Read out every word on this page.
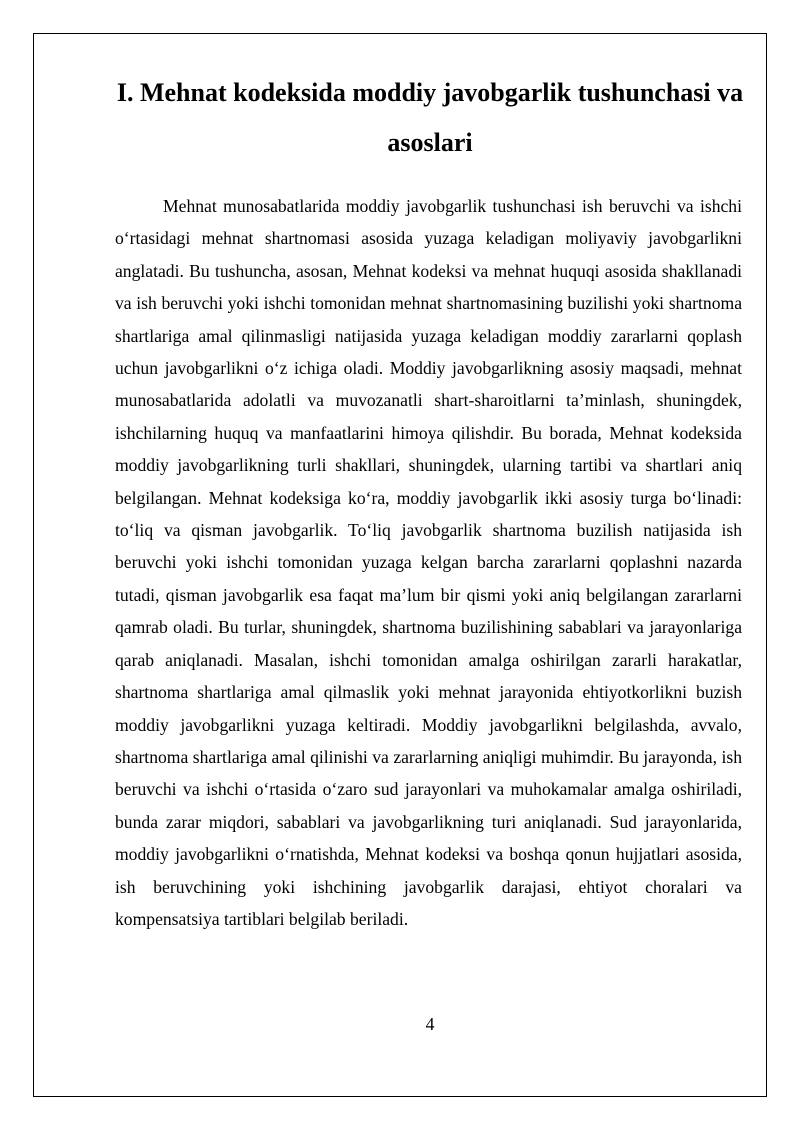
I. Mehnat kodeksida moddiy javobgarlik tushunchasi va asoslari

Mehnat munosabatlarida moddiy javobgarlik tushunchasi ish beruvchi va ishchi o‘rtasidagi mehnat shartnomasi asosida yuzaga keladigan moliyaviy javobgarlikni anglatadi. Bu tushuncha, asosan, Mehnat kodeksi va mehnat huquqi asosida shakllanadi va ish beruvchi yoki ishchi tomonidan mehnat shartnomasining buzilishi yoki shartnoma shartlariga amal qilinmasligi natijasida yuzaga keladigan moddiy zararlarni qoplash uchun javobgarlikni o‘z ichiga oladi. Moddiy javobgarlikning asosiy maqsadi, mehnat munosabatlarida adolatli va muvozanatli shart-sharoitlarni ta’minlash, shuningdek, ishchilarning huquq va manfaatlarini himoya qilishdir. Bu borada, Mehnat kodeksida moddiy javobgarlikning turli shakllari, shuningdek, ularning tartibi va shartlari aniq belgilangan. Mehnat kodeksiga ko‘ra, moddiy javobgarlik ikki asosiy turga bo‘linadi: to‘liq va qisman javobgarlik. To‘liq javobgarlik shartnoma buzilish natijasida ish beruvchi yoki ishchi tomonidan yuzaga kelgan barcha zararlarni qoplashni nazarda tutadi, qisman javobgarlik esa faqat ma’lum bir qismi yoki aniq belgilangan zararlarni qamrab oladi. Bu turlar, shuningdek, shartnoma buzilishining sabablari va jarayonlariga qarab aniqlanadi. Masalan, ishchi tomonidan amalga oshirilgan zararli harakatlar, shartnoma shartlariga amal qilmaslik yoki mehnat jarayonida ehtiyotkorlikni buzish moddiy javobgarlikni yuzaga keltiradi. Moddiy javobgarlikni belgilashda, avvalo, shartnoma shartlariga amal qilinishi va zararlarning aniqligi muhimdir. Bu jarayonda, ish beruvchi va ishchi o‘rtasida o‘zaro sud jarayonlari va muhokamalar amalga oshiriladi, bunda zarar miqdori, sabablari va javobgarlikning turi aniqlanadi. Sud jarayonlarida, moddiy javobgarlikni o‘rnatishda, Mehnat kodeksi va boshqa qonun hujjatlari asosida, ish beruvchining yoki ishchining javobgarlik darajasi, ehtiyot choralari va kompensatsiya tartiblari belgilab beriladi.

4
